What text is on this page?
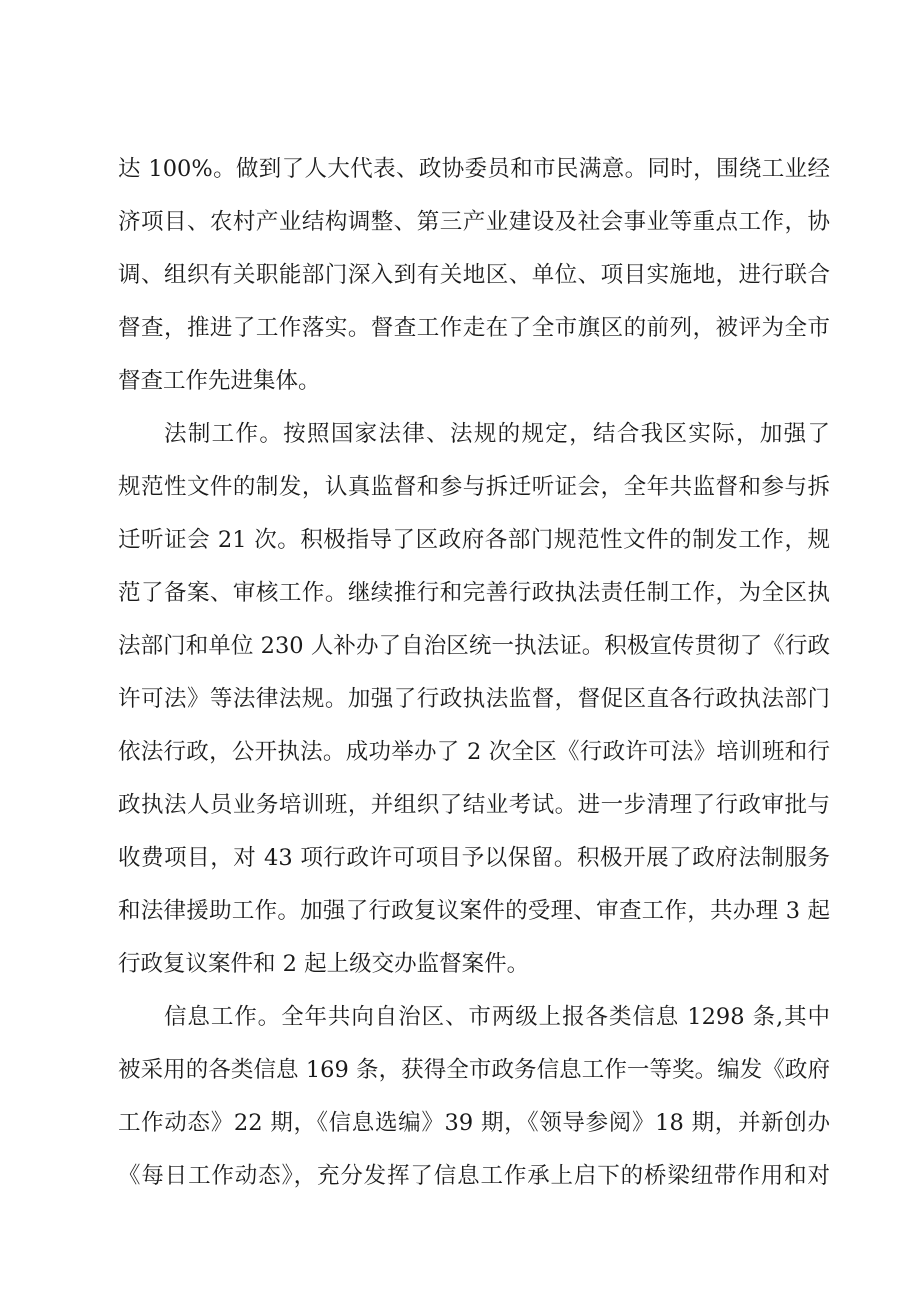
达 100%。做到了人大代表、政协委员和市民满意。同时，围绕工业经
济项目、农村产业结构调整、第三产业建设及社会事业等重点工作，协
调、组织有关职能部门深入到有关地区、单位、项目实施地，进行联合
督查，推进了工作落实。督查工作走在了全市旗区的前列，被评为全市
督查工作先进集体。
法制工作。按照国家法律、法规的规定，结合我区实际，加强了
规范性文件的制发，认真监督和参与拆迁听证会，全年共监督和参与拆
迁听证会 21 次。积极指导了区政府各部门规范性文件的制发工作，规
范了备案、审核工作。继续推行和完善行政执法责任制工作，为全区执
法部门和单位 230 人补办了自治区统一执法证。积极宣传贯彻了《行政
许可法》等法律法规。加强了行政执法监督，督促区直各行政执法部门
依法行政，公开执法。成功举办了 2 次全区《行政许可法》培训班和行
政执法人员业务培训班，并组织了结业考试。进一步清理了行政审批与
收费项目，对 43 项行政许可项目予以保留。积极开展了政府法制服务
和法律援助工作。加强了行政复议案件的受理、审查工作，共办理 3 起
行政复议案件和 2 起上级交办监督案件。
信息工作。全年共向自治区、市两级上报各类信息 1298 条,其中
被采用的各类信息 169 条，获得全市政务信息工作一等奖。编发《政府
工作动态》22 期，《信息选编》39 期，《领导参阅》18 期，并新创办
《每日工作动态》，充分发挥了信息工作承上启下的桥梁纽带作用和对
